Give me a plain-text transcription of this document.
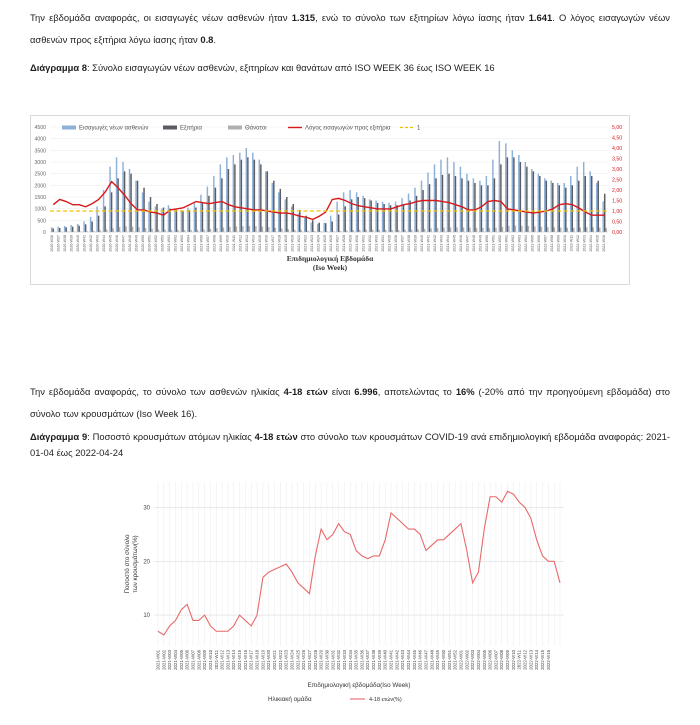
Την εβδομάδα αναφοράς, οι εισαγωγές νέων ασθενών ήταν 1.315, ενώ το σύνολο των εξιτηρίων λόγω ίασης ήταν 1.641. Ο λόγος εισαγωγών νέων ασθενών προς εξιτήρια λόγω ίασης ήταν 0.8.
Διάγραμμα 8: Σύνολο εισαγωγών νέων ασθενών, εξιτηρίων και θανάτων από ISO WEEK 36 έως ISO WEEK 16
0
500
1000
1500
2000
2500
3000
3500
4000
4500
0,00
0,50
1,00
1,50
2,00
2,50
3,00
3,50
4,00
4,50
5,00
2020-W36 2020-W37 2020-W38 2020-W39 2020-W40 2020-W41 2020-W42 2020-W43 2020-W44 2020-W45 2020-W46 2020-W47 2020-W48 2020-W49 2020-W50 2020-W51 2020-W52 2020-W53 2021-W01 2021-W02 2021-W03 2021-W04 2021-W05 2021-W06 2021-W07 2021-W08 2021-W09 2021-W10 2021-W11 2021-W12 2021-W13 2021-W14 2021-W15 2021-W16 2021-W17 2021-W18 2021-W19 2021-W20 2021-W21 2021-W22 2021-W23 2021-W24 2021-W25 2021-W26 2021-W27 2021-W28 2021-W29 2021-W30 2021-W31 2021-W32 2021-W33 2021-W34 2021-W35 2021-W36 2021-W37 2021-W38 2021-W39 2021-W40 2021-W41 2021-W42 2021-W43 2021-W44 2021-W45 2021-W46 2021-W47 2021-W48 2021-W49 2021-W50 2021-W51 2021-W52 2022-W01 2022-W02 2022-W03 2022-W04 2022-W05 2022-W06 2022-W07 2022-W08 2022-W09 2022-W10 2022-W11 2022-W12 2022-W13 2022-W14 2022-W15 2022-W16
Εισαγωγές νέων ασθενών	Εξιτήρια	Θάνατοι	Λόγος εισαγωγών προς εξιτήρια	1
Επιδημιολογική Εβδομάδα
(Iso Week)
Την εβδομάδα αναφοράς, το σύνολο των ασθενών ηλικίας 4-18 ετών είναι 6.996, αποτελώντας το 16% (-20% από την προηγούμενη εβδομάδα) στο σύνολο των κρουσμάτων (Iso Week 16).
Διάγραμμα 9: Ποσοστό κρουσμάτων ατόμων ηλικίας 4-18 ετών στο σύνολο των κρουσμάτων COVID-19 ανά επιδημιολογική εβδομάδα αναφοράς: 2021-01-04 έως 2022-04-24
10
20
30
2021-W01 2021-W02 2021-W03 2021-W04 2021-W05 2021-W06 2021-W07 2021-W08 2021-W09 2021-W10 2021-W11 2021-W12 2021-W13 2021-W14 2021-W15 2021-W16 2021-W17 2021-W18 2021-W19 2021-W20 2021-W21 2021-W22 2021-W23 2021-W24 2021-W25 2021-W26 2021-W27 2021-W28 2021-W29 2021-W30 2021-W31 2021-W32 2021-W33 2021-W34 2021-W35 2021-W36 2021-W37 2021-W38 2021-W39 2021-W40 2021-W41 2021-W42 2021-W43 2021-W44 2021-W45 2021-W46 2021-W47 2021-W48 2021-W49 2021-W50 2021-W51 2021-W52 2022-W01 2022-W02 2022-W03 2022-W04 2022-W05 2022-W06 2022-W07 2022-W08 2022-W09 2022-W10 2022-W11 2022-W12 2022-W13 2022-W14 2022-W15 2022-W16
Επιδημιολογική εβδομάδα(Iso Week)
Ποσοστό στο σύνολο των κρουσμάτων(%)
Ηλικιακή ομάδα	4-18 ετών(%)
